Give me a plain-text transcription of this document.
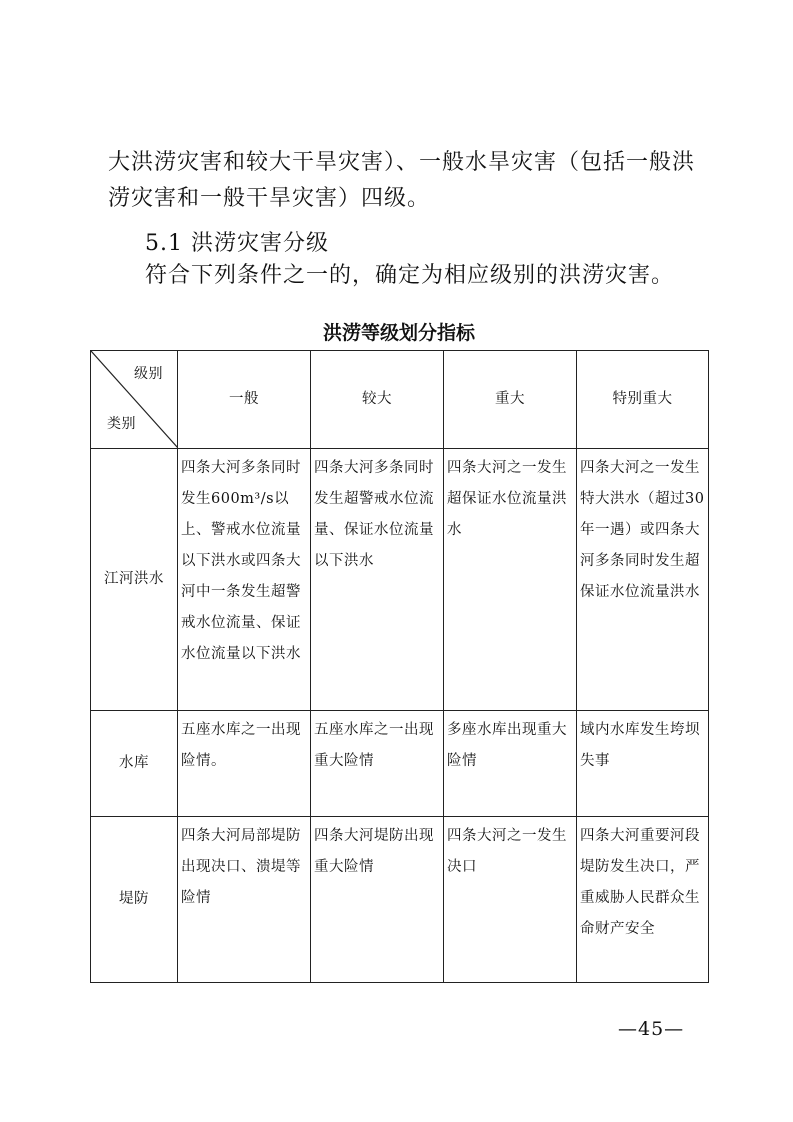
大洪涝灾害和较大干旱灾害）、一般水旱灾害（包括一般洪涝灾害和一般干旱灾害）四级。
5.1 洪涝灾害分级
符合下列条件之一的，确定为相应级别的洪涝灾害。
洪涝等级划分指标
级别
类别	一般	较大	重大	特别重大
江河洪水	四条大河多条同时发生600m³/s以上、警戒水位流量以下洪水或四条大河中一条发生超警戒水位流量、保证水位流量以下洪水	四条大河多条同时发生超警戒水位流量、保证水位流量以下洪水	四条大河之一发生超保证水位流量洪水	四条大河之一发生特大洪水（超过30年一遇）或四条大河多条同时发生超保证水位流量洪水
水库	五座水库之一出现险情。	五座水库之一出现重大险情	多座水库出现重大险情	域内水库发生垮坝失事
堤防	四条大河局部堤防出现决口、溃堤等险情	四条大河堤防出现重大险情	四条大河之一发生决口	四条大河重要河段堤防发生决口，严重威胁人民群众生命财产安全
—45—
